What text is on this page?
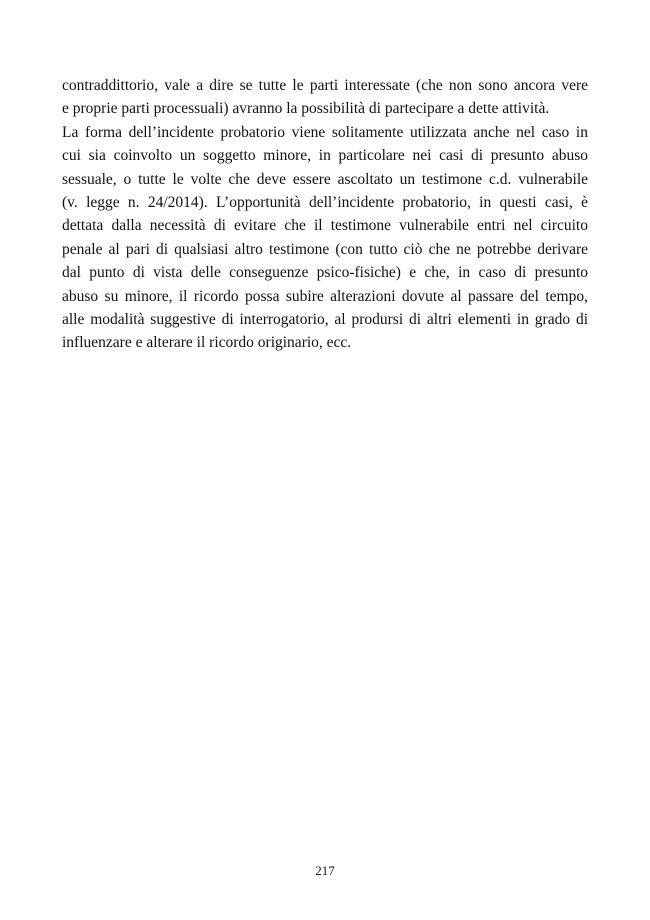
contraddittorio, vale a dire se tutte le parti interessate (che non sono ancora vere
e proprie parti processuali) avranno la possibilità di partecipare a dette attività.
La forma dell’incidente probatorio viene solitamente utilizzata anche nel caso in
cui sia coinvolto un soggetto minore, in particolare nei casi di presunto abuso
sessuale, o tutte le volte che deve essere ascoltato un testimone c.d. vulnerabile
(v. legge n. 24/2014). L’opportunità dell’incidente probatorio, in questi casi, è
dettata dalla necessità di evitare che il testimone vulnerabile entri nel circuito
penale al pari di qualsiasi altro testimone (con tutto ciò che ne potrebbe derivare
dal punto di vista delle conseguenze psico-fisiche) e che, in caso di presunto
abuso su minore, il ricordo possa subire alterazioni dovute al passare del tempo,
alle modalità suggestive di interrogatorio, al prodursi di altri elementi in grado di
influenzare e alterare il ricordo originario, ecc.
217
